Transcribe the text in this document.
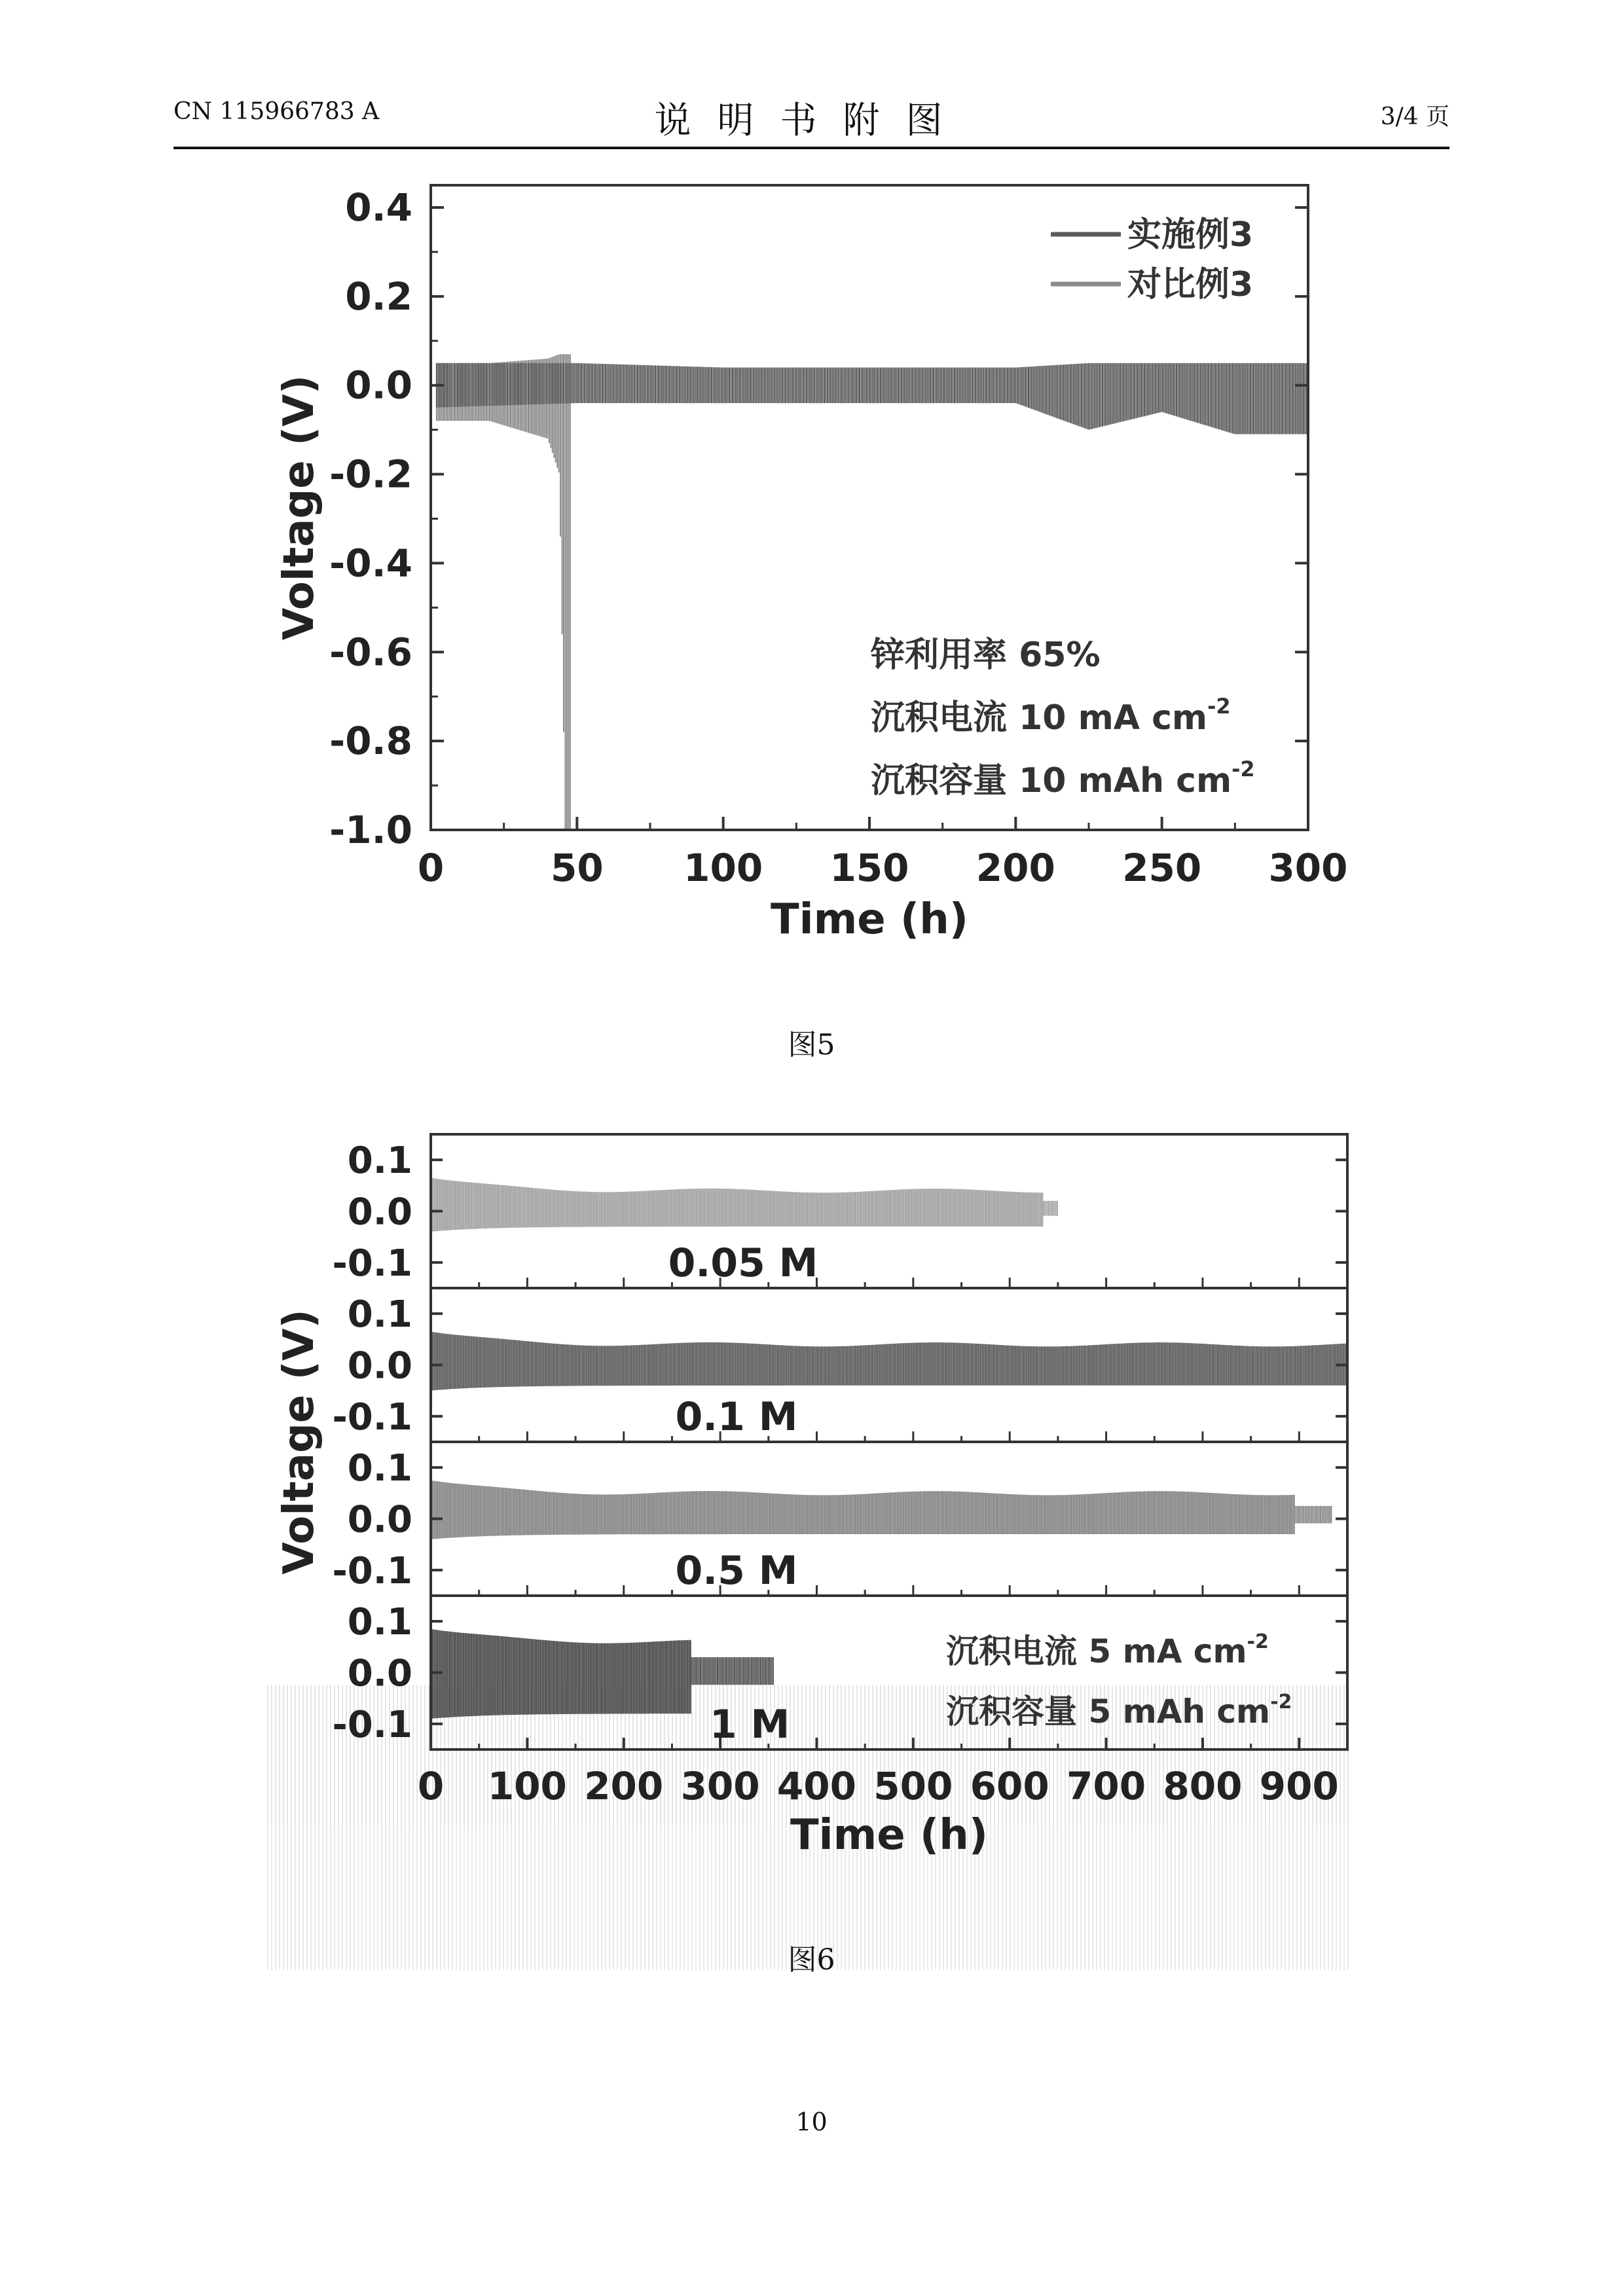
CN 115966783 A	说明书附图	3/4 页
0.4
0.2
0.0
-0.2
-0.4
-0.6
-0.8
-1.0
0	50 100 150 200 250 300
Time (h)
Voltage (V)
实施例3
对比例3
锌利用率 65%
沉积电流 10 mA $cm^{-2}$
沉积容量 10 mAh $cm^{-2}$
图5
0.1
0.0
-0.1	0.05 M
0.1
0.0
-0.1	0.1 M
0.1
0.0
-0.1	0.5 M
0.1
0.0
-0.1	1 M
0 100 200 300 400 500 600 700 800 900
Time (h)
Voltage (V)
沉积电流 5 mA $cm^{-2}$
沉积容量 5 mAh $cm^{-2}$
图6
10
